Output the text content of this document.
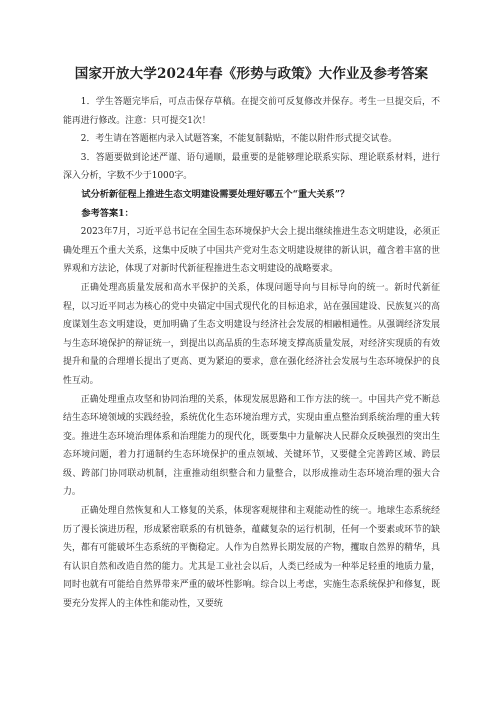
国家开放大学2024年春《形势与政策》大作业及参考答案

1．学生答题完毕后，可点击保存草稿。在提交前可反复修改并保存。考生一旦提交后，不能再进行修改。注意：只可提交1次！

2．考生请在答题框内录入试题答案，不能复制黏贴，不能以附件形式提交试卷。

3．答题要做到论述严谨、语句通顺，最重要的是能够理论联系实际、理论联系材料，进行深入分析，字数不少于1000字。

试分析新征程上推进生态文明建设需要处理好哪五个“重大关系”？

参考答案1：

2023年7月，习近平总书记在全国生态环境保护大会上提出继续推进生态文明建设，必须正确处理五个重大关系，这集中反映了中国共产党对生态文明建设规律的新认识，蕴含着丰富的世界观和方法论，体现了对新时代新征程推进生态文明建设的战略要求。

正确处理高质量发展和高水平保护的关系，体现问题导向与目标导向的统一。新时代新征程，以习近平同志为核心的党中央锚定中国式现代化的目标追求，站在强国建设、民族复兴的高度谋划生态文明建设，更加明确了生态文明建设与经济社会发展的相融相通性。从强调经济发展与生态环境保护的辩证统一，到提出以高品质的生态环境支撑高质量发展，对经济实现质的有效提升和量的合理增长提出了更高、更为紧迫的要求，意在强化经济社会发展与生态环境保护的良性互动。

正确处理重点攻坚和协同治理的关系，体现发展思路和工作方法的统一。中国共产党不断总结生态环境领域的实践经验，系统优化生态环境治理方式，实现由重点整治到系统治理的重大转变。推进生态环境治理体系和治理能力的现代化，既要集中力量解决人民群众反映强烈的突出生态环境问题，着力打通制约生态环境保护的重点领域、关键环节，又要健全完善跨区域、跨层级、跨部门协同联动机制，注重推动组织整合和力量整合，以形成推动生态环境治理的强大合力。

正确处理自然恢复和人工修复的关系，体现客观规律和主观能动性的统一。地球生态系统经历了漫长演进历程，形成紧密联系的有机链条，蕴藏复杂的运行机制，任何一个要素或环节的缺失，都有可能破坏生态系统的平衡稳定。人作为自然界长期发展的产物，攫取自然界的精华，具有认识自然和改造自然的能力。尤其是工业社会以后，人类已经成为一种举足轻重的地质力量，同时也就有可能给自然界带来严重的破坏性影响。综合以上考虑，实施生态系统保护和修复，既要充分发挥人的主体性和能动性，又要统
